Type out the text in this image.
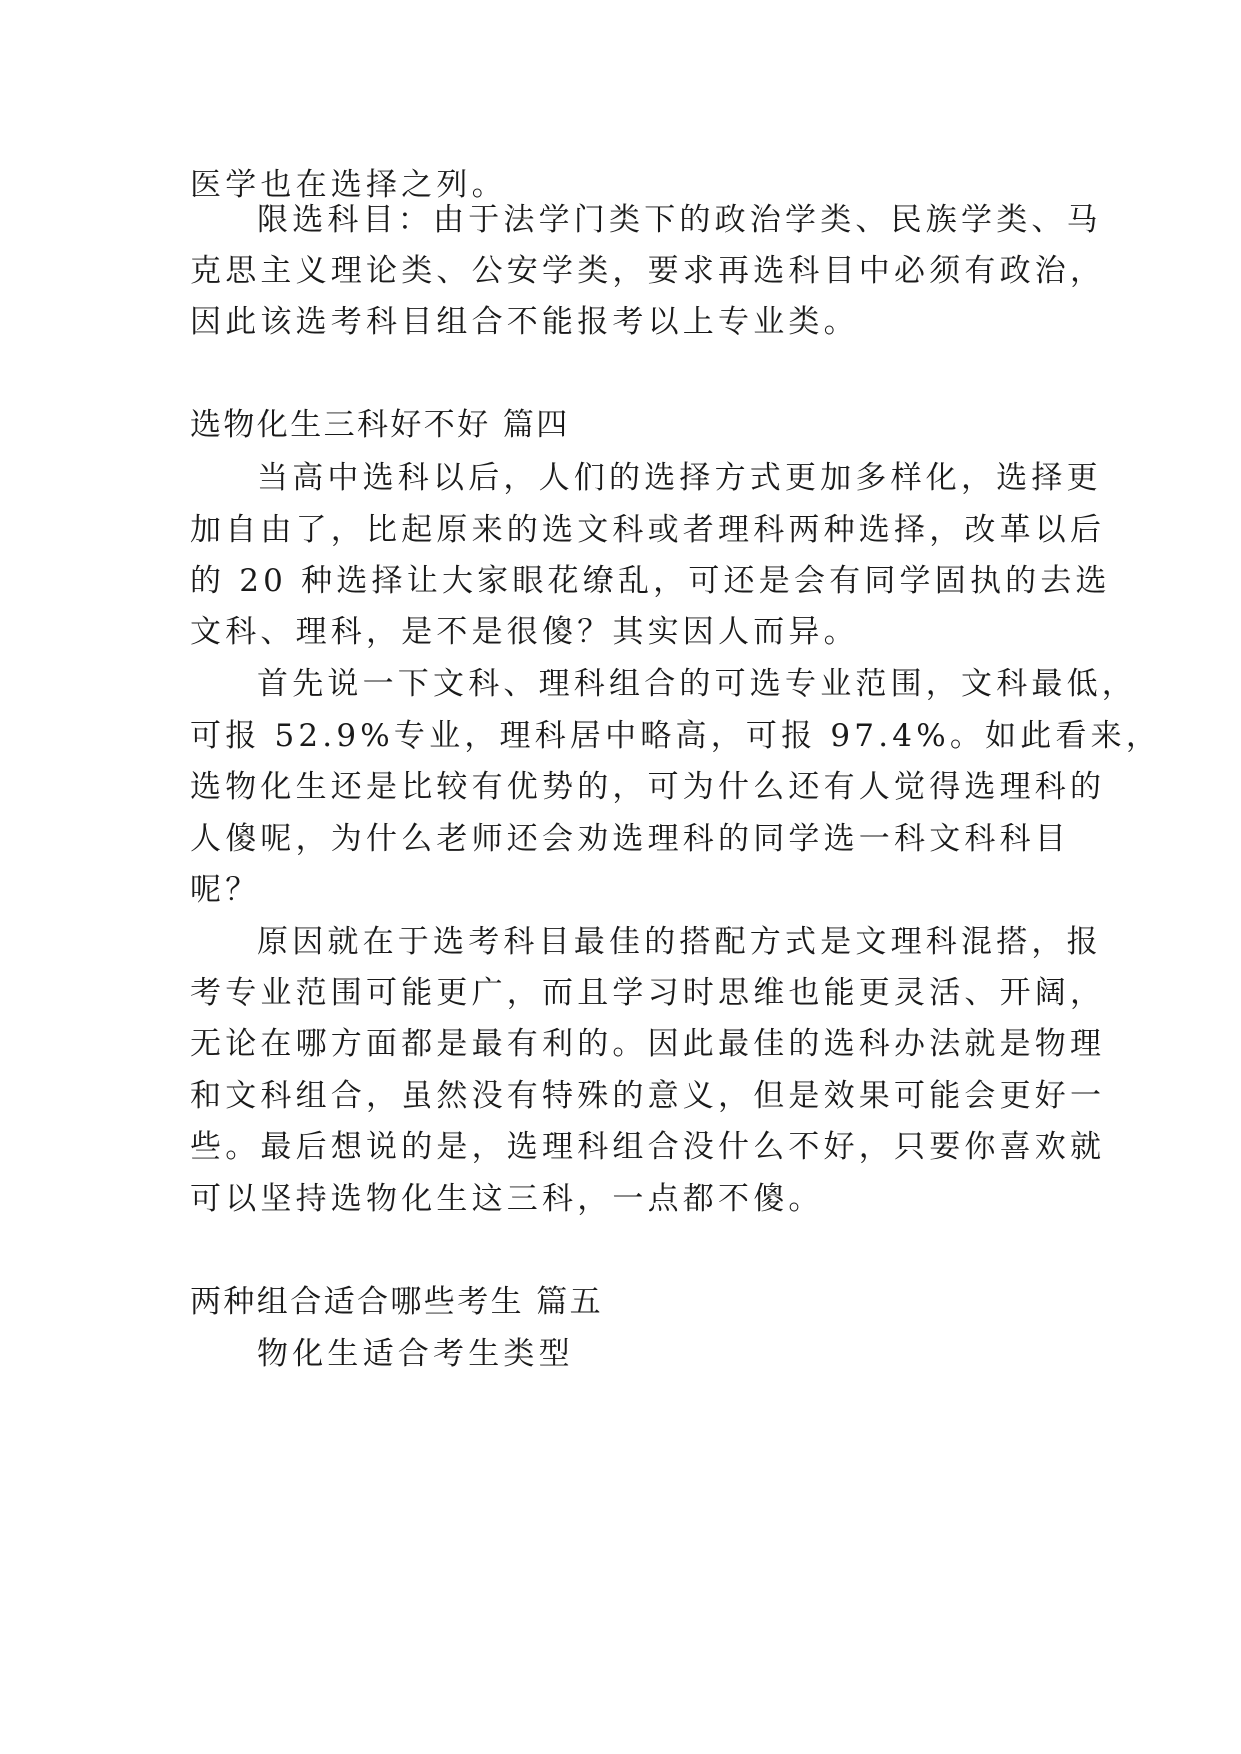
医学也在选择之列。
限选科目：由于法学门类下的政治学类、民族学类、马
克思主义理论类、公安学类，要求再选科目中必须有政治，
因此该选考科目组合不能报考以上专业类。
选物化生三科好不好 篇四
当高中选科以后，人们的选择方式更加多样化，选择更
加自由了，比起原来的选文科或者理科两种选择，改革以后
的 20 种选择让大家眼花缭乱，可还是会有同学固执的去选
文科、理科，是不是很傻？其实因人而异。
首先说一下文科、理科组合的可选专业范围，文科最低，
可报 52.9%专业，理科居中略高，可报 97.4%。如此看来，
选物化生还是比较有优势的，可为什么还有人觉得选理科的
人傻呢，为什么老师还会劝选理科的同学选一科文科科目
呢？
原因就在于选考科目最佳的搭配方式是文理科混搭，报
考专业范围可能更广，而且学习时思维也能更灵活、开阔，
无论在哪方面都是最有利的。因此最佳的选科办法就是物理
和文科组合，虽然没有特殊的意义，但是效果可能会更好一
些。最后想说的是，选理科组合没什么不好，只要你喜欢就
可以坚持选物化生这三科，一点都不傻。
两种组合适合哪些考生 篇五
物化生适合考生类型
